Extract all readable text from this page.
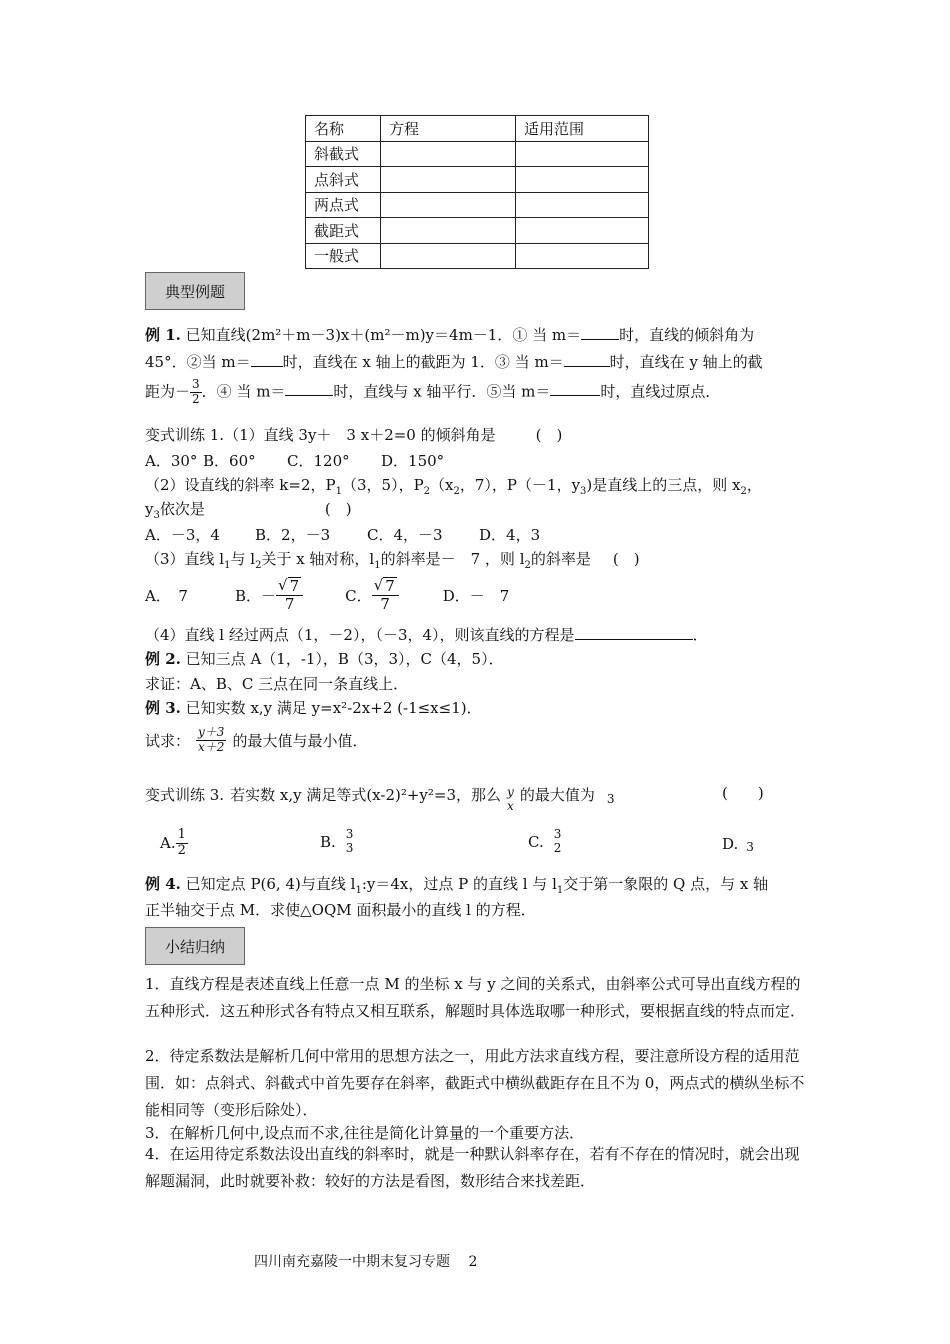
名称	方程	适用范围
斜截式		
点斜式		
两点式		
截距式		
一般式		
典型例题
例 1. 已知直线(2m²＋m－3)x＋(m²－m)y＝4m－1．① 当 m＝	时，直线的倾斜角为
45°．②当 m＝ 时，直线在 x 轴上的截距为 1．③ 当 m＝	时，直线在 y 轴上的截
距为－ $\frac{3}{2}$ ．④ 当 m＝	时，直线与 x 轴平行．⑤当 m＝	时，直线过原点．
变式训练 1.（1）直线 3y＋　3 x＋2=0 的倾斜角是	(　)
A．30° B．60° C．120° D．150°
（2）设直线的斜率 k=2，$P_1(3$，5），$P_2(x_2$，7），P（－1，$y_3$)是直线上的三点，则 $x_2$，
$y_3$依次是	(　)
A．－3，4 B．2，－3 C．4，－3 D．4，3
（3）直线 $l_1$与 $l_2$关于 x 轴对称，$l_1$的斜率是－　7 ，则 $l_2$的斜率是 (　)
A．　7	B．－ $\frac{√ 7}{7}$	C． $\frac{√ 7}{7}$	D．－　7
（4）直线 l 经过两点（1，－2），（－3，4），则该直线的方程是	．
例 2. 已知三点 A（1，-1），B（3，3），C（4，5）．
求证：A、B、C 三点在同一条直线上．
例 3. 已知实数 x,y 满足 y=x²-2x+2 (-1≤x≤1)．
试求： $\frac{y+3}{x+2}$ 的最大值与最小值．
变式训练 3. 若实数 x,y 满足等式(x-2)²+y²=3，那么 y
x
的最大值为 3	(　　)
A. $\frac{1}{2}$	B. 3
3	C. 3
2	D. 3
例 4. 已知定点 P(6, 4)与直线 $l_1:y=4x$，过点 P 的直线 l 与 $l_1$交于第一象限的 Q 点，与 x 轴
正半轴交于点 M．求使△OQM 面积最小的直线 l 的方程．
小结归纳
1．直线方程是表述直线上任意一点 M 的坐标 x 与 y 之间的关系式，由斜率公式可导出直线方程的五种形式．这五种形式各有特点又相互联系，解题时具体选取哪一种形式，要根据直线的特点而定．
2．待定系数法是解析几何中常用的思想方法之一，用此方法求直线方程，要注意所设方程的适用范围．如：点斜式、斜截式中首先要存在斜率，截距式中横纵截距存在且不为 0，两点式的横纵坐标不能相同等（变形后除处）．
3．在解析几何中,设点而不求,往往是简化计算量的一个重要方法．
4．在运用待定系数法设出直线的斜率时，就是一种默认斜率存在，若有不存在的情况时，就会出现解题漏洞，此时就要补救：较好的方法是看图，数形结合来找差距．
四川南充嘉陵一中期末复习专题 2
